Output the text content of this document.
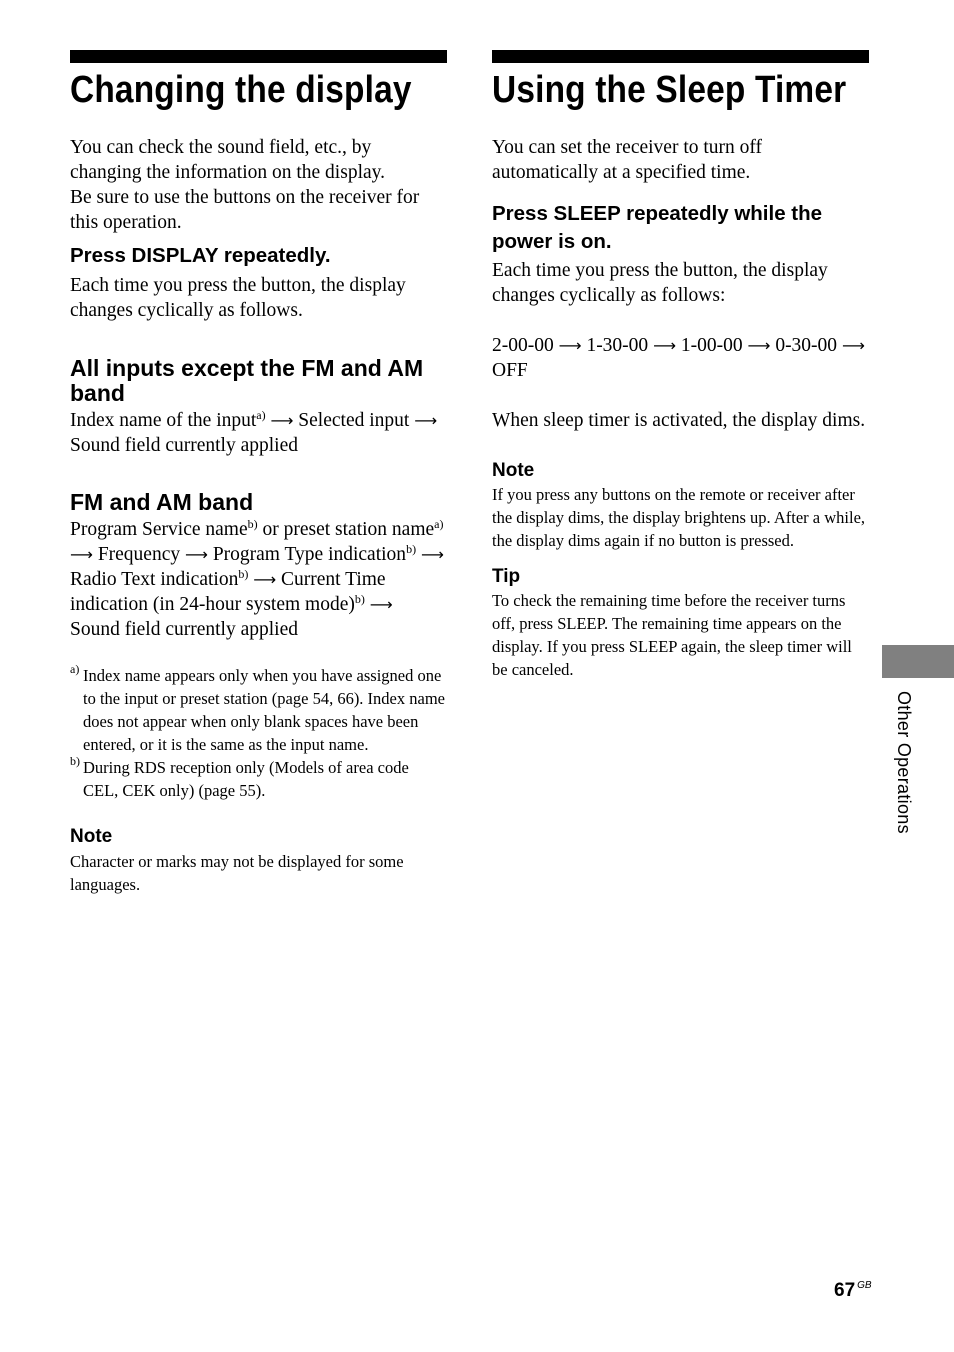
Changing the display

You can check the sound field, etc., by changing the information on the display.

Be sure to use the buttons on the receiver for this operation.

Press DISPLAY repeatedly.

Each time you press the button, the display changes cyclically as follows.

All inputs except the FM and AM band

Index name of the input$^{a)}$ ⟶ Selected input ⟶ Sound field currently applied

FM and AM band

Program Service name$^{b)}$ or preset station name$^{a)}$ ⟶ Frequency ⟶ Program Type indication$^{b)}$ ⟶ Radio Text indication$^{b)}$ ⟶ Current Time indication (in 24-hour system mode)$^{b)}$ ⟶ Sound field currently applied

a) Index name appears only when you have assigned one to the input or preset station (page 54, 66). Index name does not appear when only blank spaces have been entered, or it is the same as the input name.
b) During RDS reception only (Models of area code CEL, CEK only) (page 55).
Note

Character or marks may not be displayed for some languages.

Using the Sleep Timer

You can set the receiver to turn off automatically at a specified time.

Press SLEEP repeatedly while the power is on.

Each time you press the button, the display changes cyclically as follows:

2-00-00 ⟶ 1-30-00 ⟶ 1-00-00 ⟶ 0-30-00 ⟶ OFF

When sleep timer is activated, the display dims.

Note

If you press any buttons on the remote or receiver after the display dims, the display brightens up. After a while, the display dims again if no button is pressed.

Tip

To check the remaining time before the receiver turns off, press SLEEP. The remaining time appears on the display. If you press SLEEP again, the sleep timer will be canceled.

Other Operations
67 $^{GB}$
